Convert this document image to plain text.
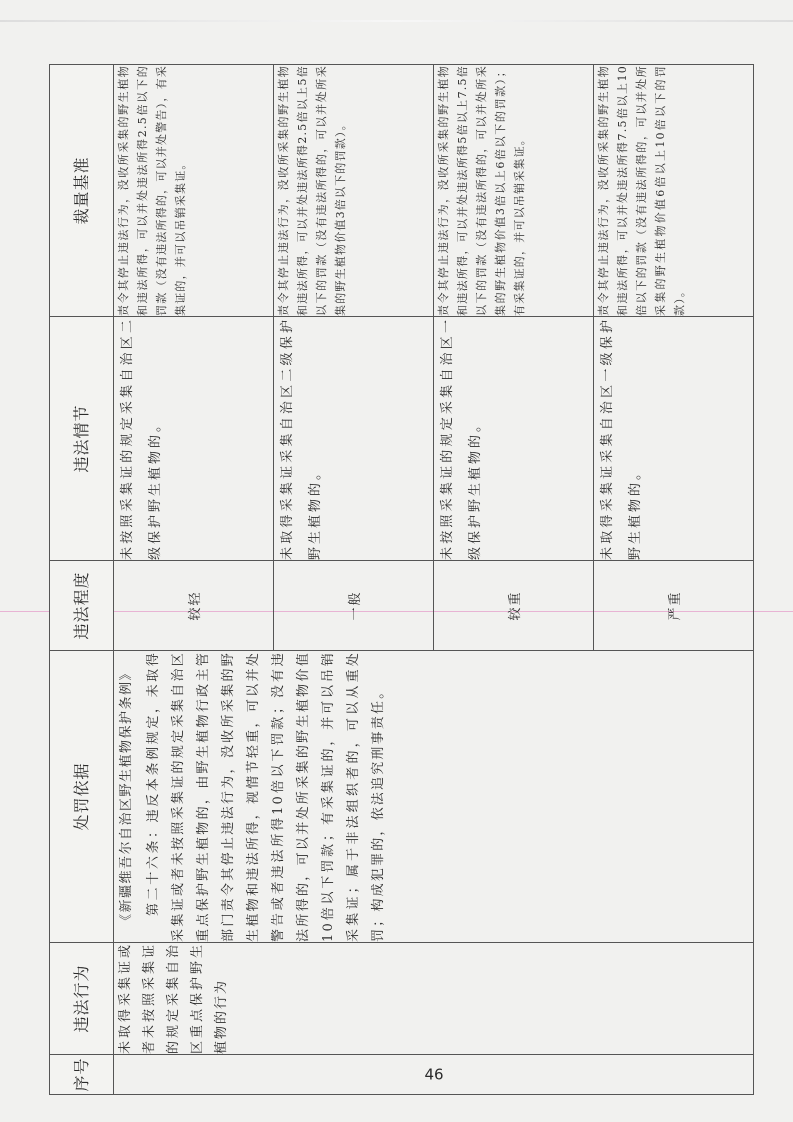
序号	违法行为	处罚依据	违法程度	违法情节	裁量基准
46	未取得采集证或者未按照采集证的规定采集自治区重点保护野生植物的行为	《新疆维吾尔自治区野生植物保护条例》 第二十六条：违反本条例规定，未取得采集证或者未按照采集证的规定采集自治区重点保护野生植物的，由野生植物行政主管部门责令其停止违法行为，没收所采集的野生植物和违法所得，视情节轻重，可以并处警告或者违法所得10倍以下罚款；没有违法所得的，可以并处所采集的野生植物价值10倍以下罚款；有采集证的，并可以吊销采集证；属于非法组织者的，可以从重处罚；构成犯罪的，依法追究刑事责任。	较轻	未按照采集证的规定采集自治区二级保护野生植物的。	责令其停止违法行为，没收所采集的野生植物和违法所得，可以并处违法所得2.5倍以下的罚款（没有违法所得的，可以并处警告），有采集证的，并可以吊销采集证。
			一般	未取得采集证采集自治区二级保护野生植物的。	责令其停止违法行为，没收所采集的野生植物和违法所得，可以并处违法所得2.5倍以上5倍以下的罚款（没有违法所得的，可以并处所采集的野生植物价值3倍以下的罚款）。
			较重	未按照采集证的规定采集自治区一级保护野生植物的。	责令其停止违法行为，没收所采集的野生植物和违法所得，可以并处违法所得5倍以上7.5倍以下的罚款（没有违法所得的，可以并处所采集的野生植物价值3倍以上6倍以下的罚款）；有采集证的，并可以吊销采集证。
			严重	未取得采集证采集自治区一级保护野生植物的。	责令其停止违法行为，没收所采集的野生植物和违法所得，可以并处违法所得7.5倍以上10倍以下的罚款（没有违法所得的，可以并处所采集的野生植物价值6倍以上10倍以下的罚款）。
